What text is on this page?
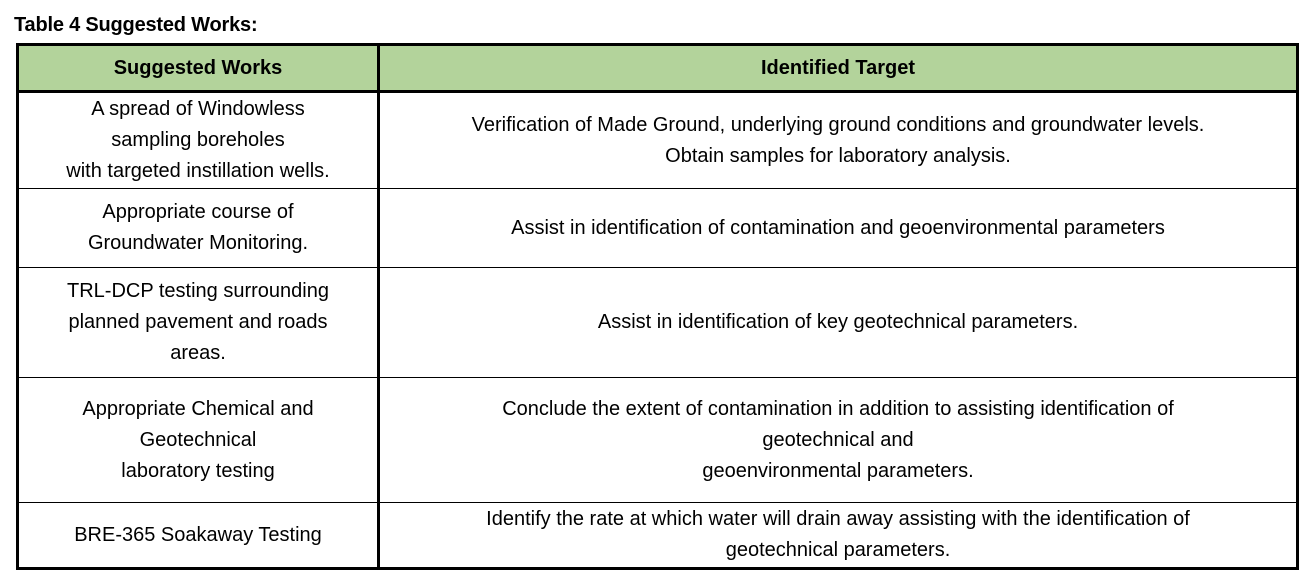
Table 4 Suggested Works:
Suggested Works	Identified Target

A spread of Windowless
sampling boreholes
with targeted instillation wells.	Verification of Made Ground, underlying ground conditions and groundwater levels.
Obtain samples for laboratory analysis.

Appropriate course of
Groundwater Monitoring.	Assist in identification of contamination and geoenvironmental parameters

TRL-DCP testing surrounding
planned pavement and roads
areas.	Assist in identification of key geotechnical parameters.

Appropriate Chemical and
Geotechnical
laboratory testing	Conclude the extent of contamination in addition to assisting identification of
geotechnical and
geoenvironmental parameters.

BRE-365 Soakaway Testing	Identify the rate at which water will drain away assisting with the identification of
geotechnical parameters.
